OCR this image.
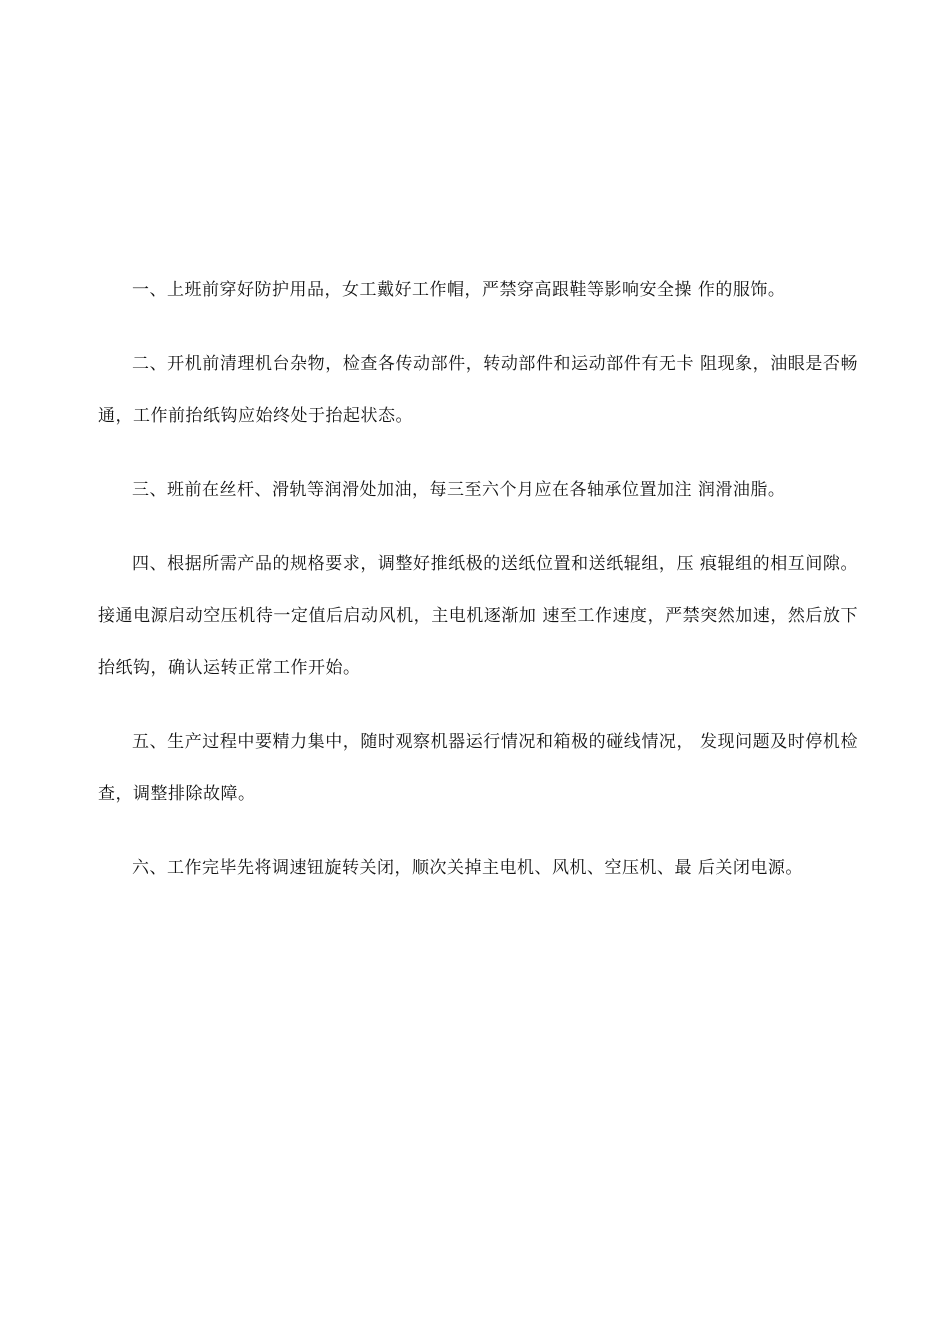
一、上班前穿好防护用品，女工戴好工作帽，严禁穿高跟鞋等影响安全操 作的服饰。

二、开机前清理机台杂物，检查各传动部件，转动部件和运动部件有无卡 阻现象，油眼是否畅通，工作前抬纸钩应始终处于抬起状态。

三、班前在丝杆、滑轨等润滑处加油，每三至六个月应在各轴承位置加注 润滑油脂。

四、根据所需产品的规格要求，调整好推纸极的送纸位置和送纸辊组，压 痕辊组的相互间隙。接通电源启动空压机待一定值后启动风机，主电机逐渐加 速至工作速度，严禁突然加速，然后放下抬纸钩，确认运转正常工作开始。

五、生产过程中要精力集中，随时观察机器运行情况和箱极的碰线情况， 发现问题及时停机检查，调整排除故障。

六、工作完毕先将调速钮旋转关闭，顺次关掉主电机、风机、空压机、最 后关闭电源。
